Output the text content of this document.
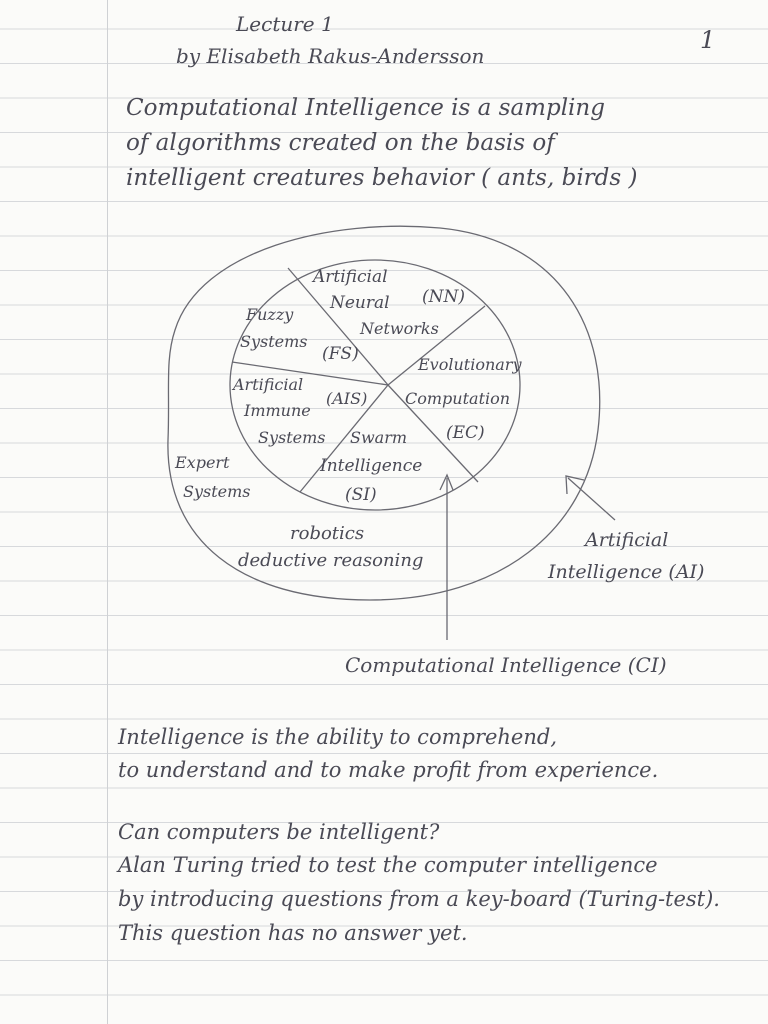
Lecture 1

by Elisabeth Rakus-Andersson

1

Computational Intelligence is a sampling

of algorithms created on the basis of

intelligent creatures behavior ( ants, birds )

Artificial
Neural (NN)
Networks
Fuzzy
Systems
(FS)
Evolutionary
Computation
(EC)
Artificial
(AIS)
Immune
Systems Swarm
Intelligence
(SI)
Expert
Systems
robotics
deductive reasoning
Artificial
Intelligence (AI)
Computational Intelligence (CI)

Intelligence is the ability to comprehend,

to understand and to make profit from experience.

Can computers be intelligent?

Alan Turing tried to test the computer intelligence

by introducing questions from a key-board (Turing-test).

This question has no answer yet.
